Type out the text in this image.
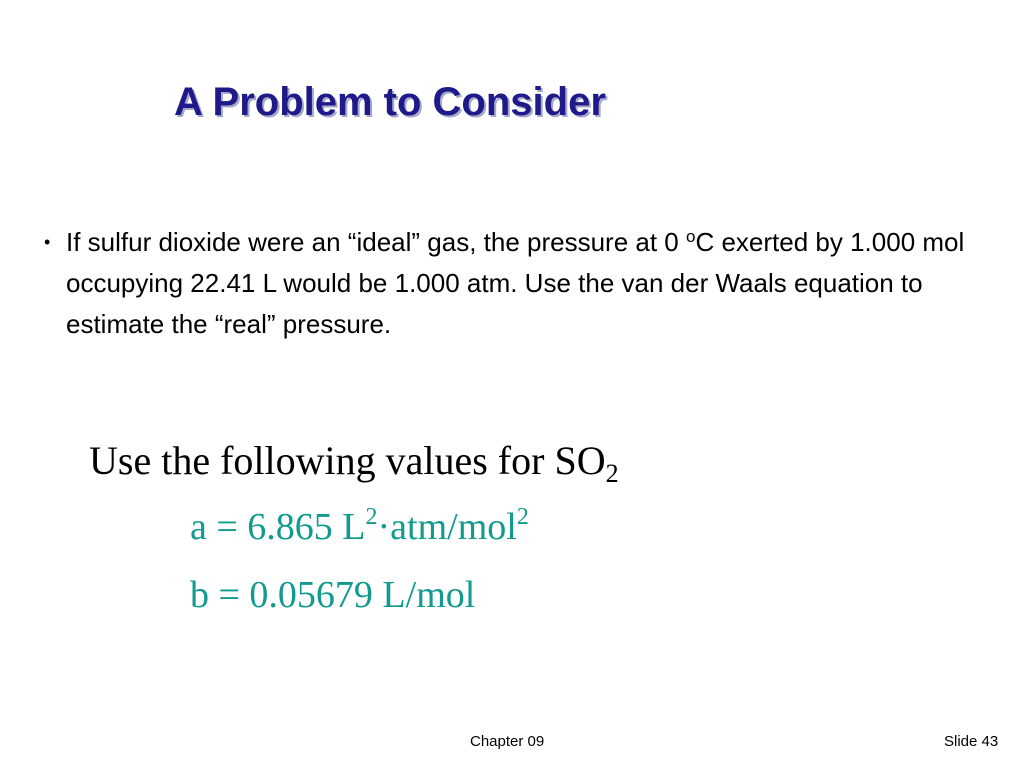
A Problem to Consider
• If sulfur dioxide were an “ideal” gas, the pressure at 0 $^o$C exerted by 1.000 mol occupying 22.41 L would be 1.000 atm. Use the van der Waals equation to estimate the “real” pressure.
Use the following values for $SO_2$
a = 6.865 $L^2\cdot atm/mol^2$
b = 0.05679 L/mol
Chapter 09	Slide 43
